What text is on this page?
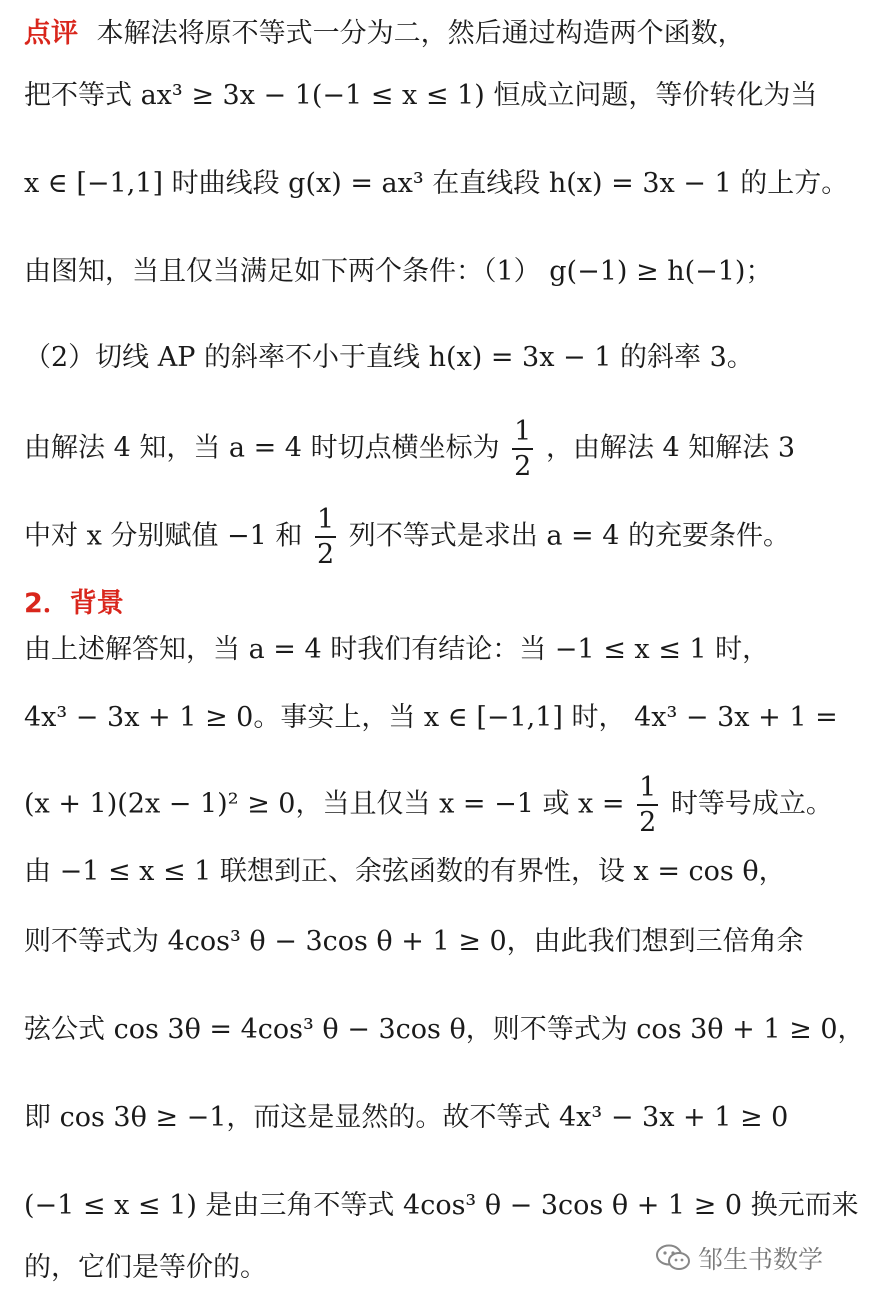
点评 本解法将原不等式一分为二，然后通过构造两个函数，
把不等式 ax³ ≥ 3x − 1(−1 ≤ x ≤ 1) 恒成立问题，等价转化为当
x ∈ [−1,1] 时曲线段 g(x) = ax³ 在直线段 h(x) = 3x − 1 的上方。
由图知，当且仅当满足如下两个条件：（1） g(−1) ≥ h(−1)；
（2）切线 AP 的斜率不小于直线 h(x) = 3x − 1 的斜率 3。
由解法 4 知，当 a = 4 时切点横坐标为 $\frac{1}{2}$ ，由解法 4 知解法 3
中对 x 分别赋值 −1 和 $\frac{1}{2}$ 列不等式是求出 a = 4 的充要条件。
2．背景
由上述解答知，当 a = 4 时我们有结论：当 −1 ≤ x ≤ 1 时，
4x³ − 3x + 1 ≥ 0。事实上，当 x ∈ [−1,1] 时， 4x³ − 3x + 1 =
(x + 1)(2x − 1)² ≥ 0，当且仅当 x = −1 或 $x = \frac{1}{2}$ 时等号成立。
由 −1 ≤ x ≤ 1 联想到正、余弦函数的有界性，设 x = cos θ，
则不等式为 4cos³ θ − 3cos θ + 1 ≥ 0，由此我们想到三倍角余
弦公式 cos 3θ = 4cos³ θ − 3cos θ，则不等式为 cos 3θ + 1 ≥ 0，
即 cos 3θ ≥ −1，而这是显然的。故不等式 4x³ − 3x + 1 ≥ 0
(−1 ≤ x ≤ 1) 是由三角不等式 4cos³ θ − 3cos θ + 1 ≥ 0 换元而来
的，它们是等价的。	邹生书数学
